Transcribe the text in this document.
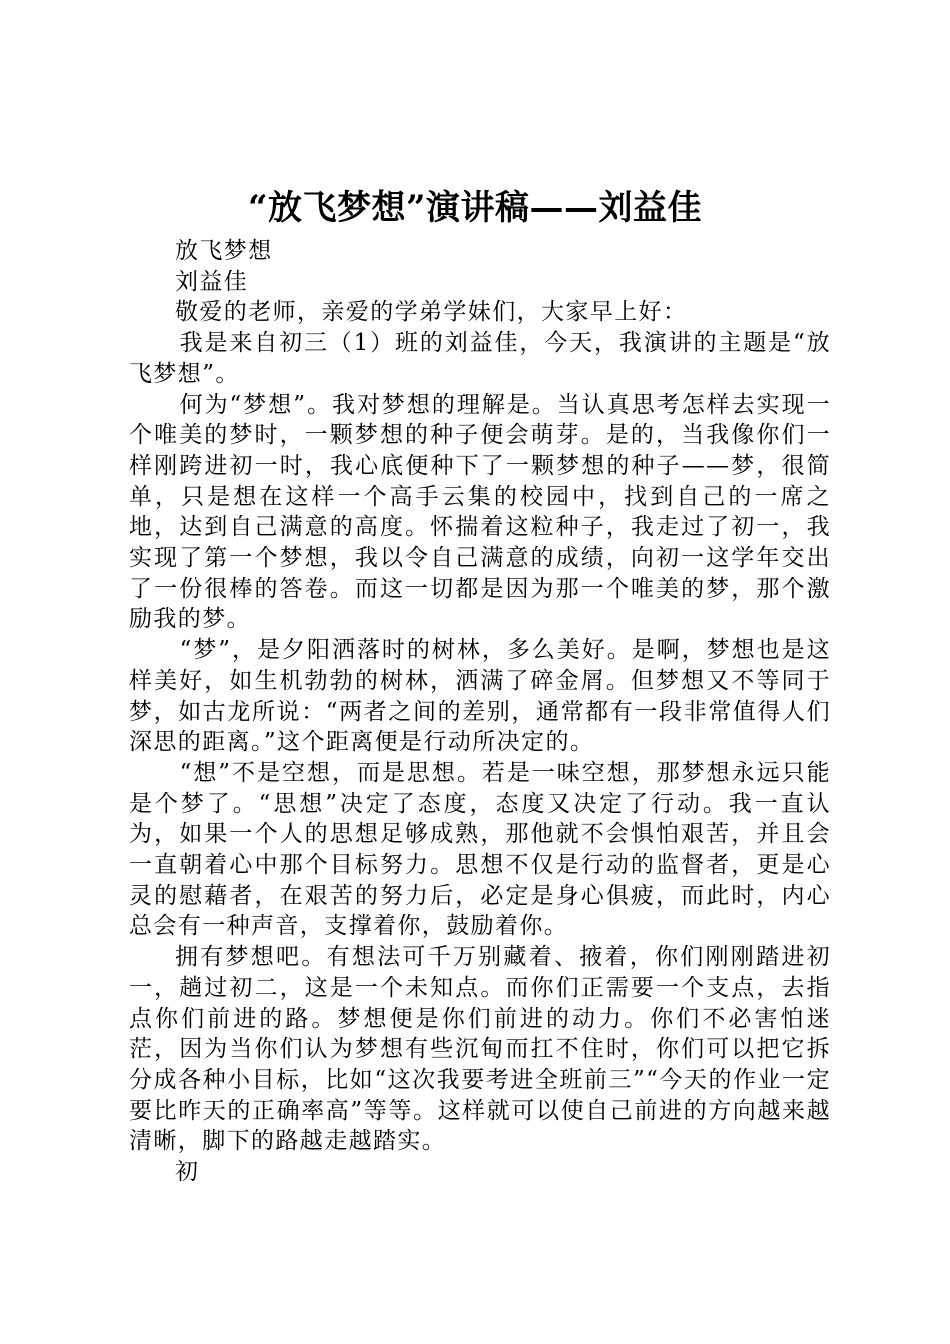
“放飞梦想”演讲稿——刘益佳

放飞梦想

刘益佳

敬爱的老师，亲爱的学弟学妹们，大家早上好：

我是来自初三（1）班的刘益佳，今天，我演讲的主题是“放飞梦想”。

何为“梦想”。我对梦想的理解是。当认真思考怎样去实现一个唯美的梦时，一颗梦想的种子便会萌芽。是的，当我像你们一样刚跨进初一时，我心底便种下了一颗梦想的种子——梦，很简单，只是想在这样一个高手云集的校园中，找到自己的一席之地，达到自己满意的高度。怀揣着这粒种子，我走过了初一，我实现了第一个梦想，我以令自己满意的成绩，向初一这学年交出了一份很棒的答卷。而这一切都是因为那一个唯美的梦，那个激励我的梦。

“梦”，是夕阳洒落时的树林，多么美好。是啊，梦想也是这样美好，如生机勃勃的树林，洒满了碎金屑。但梦想又不等同于梦，如古龙所说：“两者之间的差别，通常都有一段非常值得人们深思的距离。”这个距离便是行动所决定的。

“想”不是空想，而是思想。若是一味空想，那梦想永远只能是个梦了。“思想”决定了态度，态度又决定了行动。我一直认为，如果一个人的思想足够成熟，那他就不会惧怕艰苦，并且会一直朝着心中那个目标努力。思想不仅是行动的监督者，更是心灵的慰藉者，在艰苦的努力后，必定是身心俱疲，而此时，内心总会有一种声音，支撑着你，鼓励着你。

拥有梦想吧。有想法可千万别藏着、掖着，你们刚刚踏进初一，趟过初二，这是一个未知点。而你们正需要一个支点，去指点你们前进的路。梦想便是你们前进的动力。你们不必害怕迷茫，因为当你们认为梦想有些沉甸而扛不住时，你们可以把它拆分成各种小目标，比如“这次我要考进全班前三”“今天的作业一定要比昨天的正确率高”等等。这样就可以使自己前进的方向越来越清晰，脚下的路越走越踏实。

初
